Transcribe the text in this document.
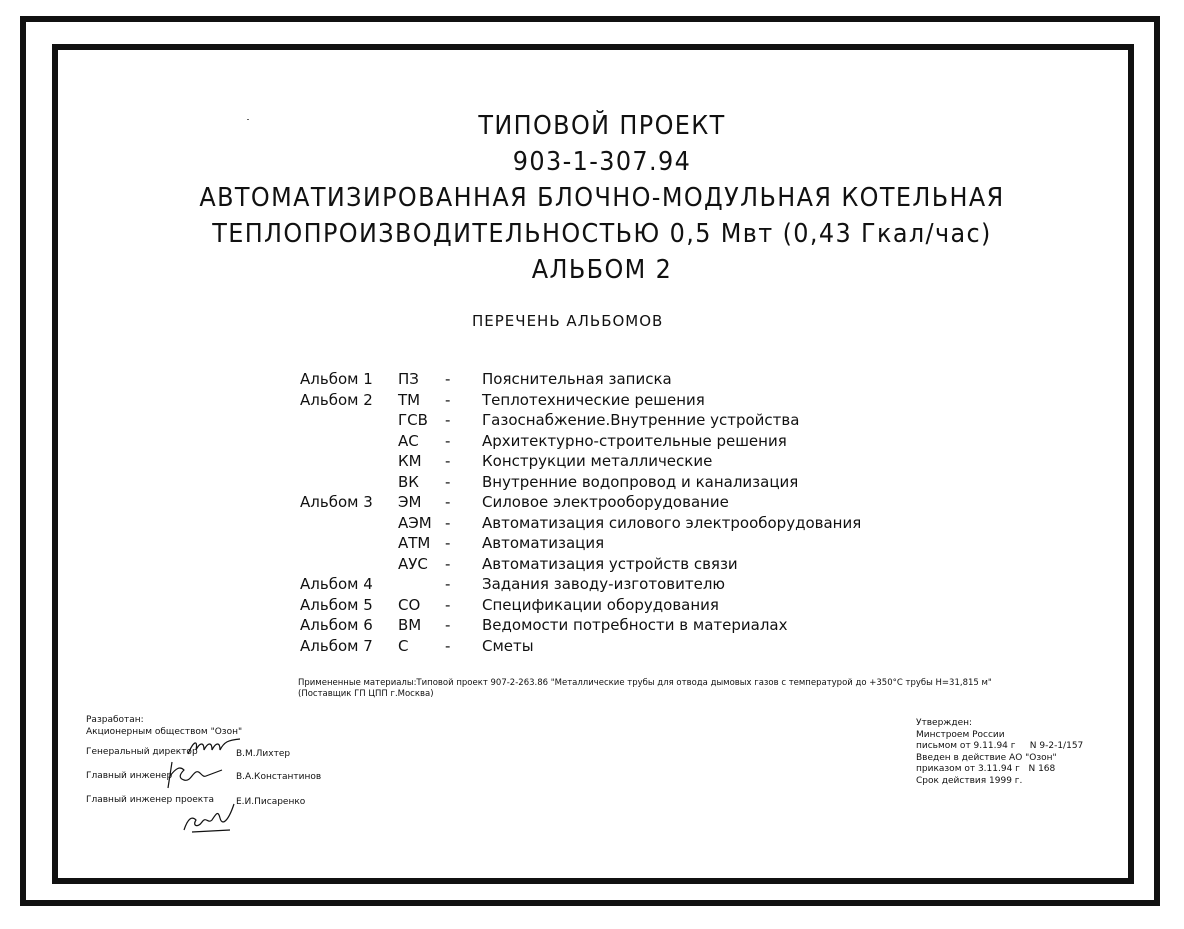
ТИПОВОЙ ПРОЕКТ
903-1-307.94
АВТОМАТИЗИРОВАННАЯ БЛОЧНО-МОДУЛЬНАЯ КОТЕЛЬНАЯ
ТЕПЛОПРОИЗВОДИТЕЛЬНОСТЬЮ 0,5 Мвт (0,43 Гкал/час)
АЛЬБОМ 2
ПЕРЕЧЕНЬ АЛЬБОМОВ
Альбом 1 ПЗ - Пояснительная записка
Альбом 2 ТМ - Теплотехнические решения
ГСВ - Газоснабжение.Внутренние устройства
АС - Архитектурно-строительные решения
КМ - Конструкции металлические
ВК - Внутренние водопровод и канализация
Альбом 3 ЭМ - Силовое электрооборудование
АЭМ - Автоматизация силового электрооборудования
АТМ - Автоматизация
АУС - Автоматизация устройств связи
Альбом 4	- Задания заводу-изготовителю
Альбом 5 СО - Спецификации оборудования
Альбом 6 ВМ - Ведомости потребности в материалах
Альбом 7 С - Сметы
Примененные материалы:Типовой проект 907-2-263.86 "Металлические трубы для отвода дымовых газов с температурой до +350°С трубы Н=31,815 м"
(Поставщик ГП ЦПП г.Москва)
Разработан:
Акционерным обществом "Озон"
Генеральный директор	В.М.Лихтер
Главный инженер	В.А.Константинов
Главный инженер проекта Е.И.Писаренко
Утвержден:
Минстроем России
письмом от 9.11.94 г     N 9-2-1/157
Введен в действие АО "Озон"
приказом от 3.11.94 г   N 168
Срок действия 1999 г.
